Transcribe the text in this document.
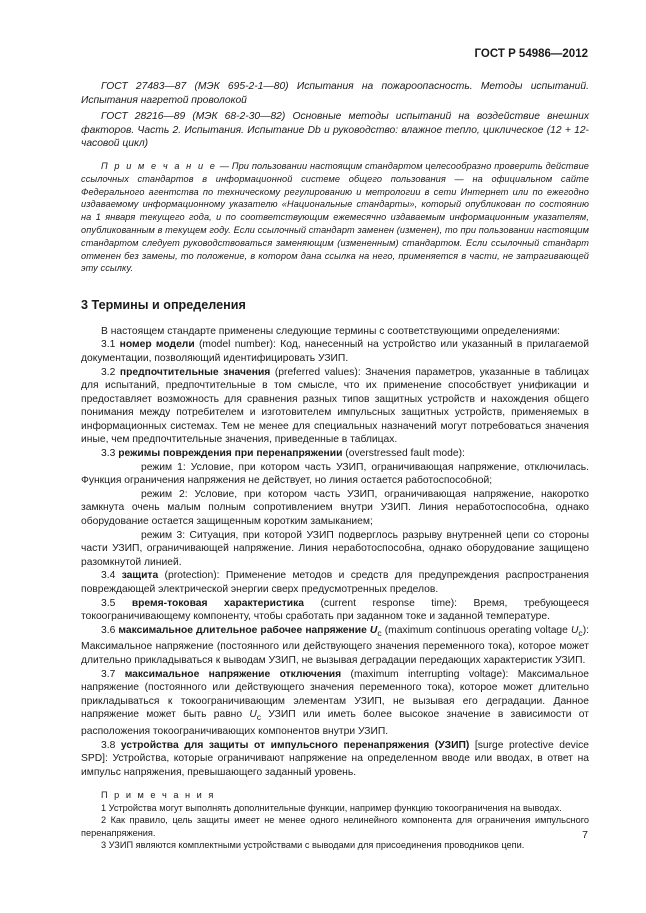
ГОСТ Р 54986—2012

ГОСТ 27483—87 (МЭК 695-2-1—80) Испытания на пожароопасность. Методы испытаний. Испытания нагретой проволокой

ГОСТ 28216—89 (МЭК 68-2-30—82) Основные методы испытаний на воздействие внешних факторов. Часть 2. Испытания. Испытание Db и руководство: влажное тепло, циклическое (12 + 12-часовой цикл)

П р и м е ч а н и е — При пользовании настоящим стандартом целесообразно проверить действие ссылочных стандартов в информационной системе общего пользования — на официальном сайте Федерального агентства по техническому регулированию и метрологии в сети Интернет или по ежегодно издаваемому информационному указателю «Национальные стандарты», который опубликован по состоянию на 1 января текущего года, и по соответствующим ежемесячно издаваемым информационным указателям, опубликованным в текущем году. Если ссылочный стандарт заменен (изменен), то при пользовании настоящим стандартом следует руководствоваться заменяющим (измененным) стандартом. Если ссылочный стандарт отменен без замены, то положение, в котором дана ссылка на него, применяется в части, не затрагивающей эту ссылку.

3 Термины и определения

В настоящем стандарте применены следующие термины с соответствующими определениями:

3.1 номер модели (model number): Код, нанесенный на устройство или указанный в прилагаемой документации, позволяющий идентифицировать УЗИП.

3.2 предпочтительные значения (preferred values): Значения параметров, указанные в таблицах для испытаний, предпочтительные в том смысле, что их применение способствует унификации и предоставляет возможность для сравнения разных типов защитных устройств и нахождения общего понимания между потребителем и изготовителем импульсных защитных устройств, применяемых в информационных системах. Тем не менее для специальных назначений могут потребоваться значения иные, чем предпочтительные значения, приведенные в таблицах.

3.3 режимы повреждения при перенапряжении (overstressed fault mode):

режим 1: Условие, при котором часть УЗИП, ограничивающая напряжение, отключилась. Функция ограничения напряжения не действует, но линия остается работоспособной;

режим 2: Условие, при котором часть УЗИП, ограничивающая напряжение, накоротко замкнута очень малым полным сопротивлением внутри УЗИП. Линия неработоспособна, однако оборудование остается защищенным коротким замыканием;

режим 3: Ситуация, при которой УЗИП подверглось разрыву внутренней цепи со стороны части УЗИП, ограничивающей напряжение. Линия неработоспособна, однако оборудование защищено разомкнутой линией.

3.4 защита (protection): Применение методов и средств для предупреждения распространения повреждающей электрической энергии сверх предусмотренных пределов.

3.5 время-токовая характеристика (current response time): Время, требующееся токоограничивающему компоненту, чтобы сработать при заданном токе и заданной температуре.

3.6 максимальное длительное рабочее напряжение $U_c$ (maximum continuous operating voltage $U_c$): Максимальное напряжение (постоянного или действующего значения переменного тока), которое может длительно прикладываться к выводам УЗИП, не вызывая деградации передающих характеристик УЗИП.

3.7 максимальное напряжение отключения (maximum interrupting voltage): Максимальное напряжение (постоянного или действующего значения переменного тока), которое может длительно прикладываться к токоограничивающим элементам УЗИП, не вызывая его деградации. Данное напряжение может быть равно $U_c$ УЗИП или иметь более высокое значение в зависимости от расположения токоограничивающих компонентов внутри УЗИП.

3.8 устройства для защиты от импульсного перенапряжения (УЗИП) [surge protective device SPD]: Устройства, которые ограничивают напряжение на определенном вводе или вводах, в ответ на импульс напряжения, превышающего заданный уровень.

П р и м е ч а н и я

1 Устройства могут выполнять дополнительные функции, например функцию токоограничения на выводах.

2 Как правило, цель защиты имеет не менее одного нелинейного компонента для ограничения импульсного перенапряжения.

3 УЗИП являются комплектными устройствами с выводами для присоединения проводников цепи.

7
